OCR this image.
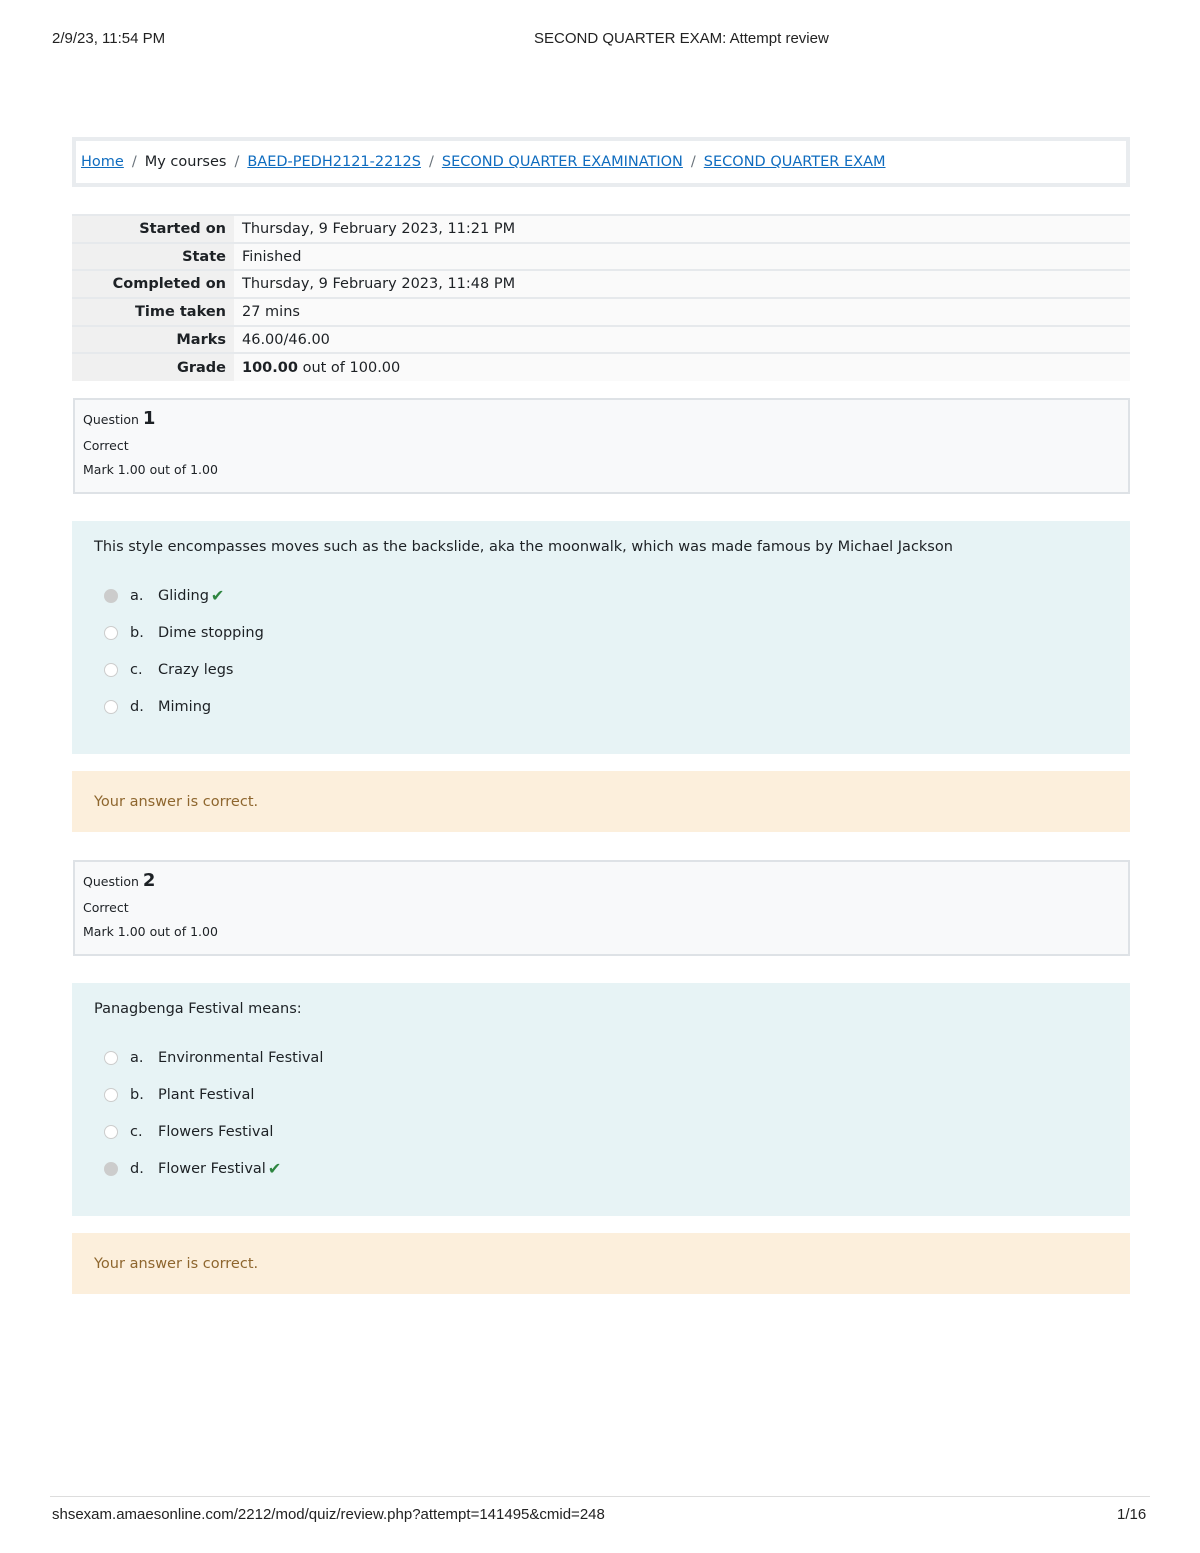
2/9/23, 11:54 PM	SECOND QUARTER EXAM: Attempt review
Home / My courses / BAED-PEDH2121-2212S / SECOND QUARTER EXAMINATION / SECOND QUARTER EXAM
Started on	Thursday, 9 February 2023, 11:21 PM
State	Finished
Completed on	Thursday, 9 February 2023, 11:48 PM
Time taken	27 mins
Marks	46.00/46.00
Grade	100.00 out of 100.00
Question 1
Correct
Mark 1.00 out of 1.00
This style encompasses moves such as the backslide, aka the moonwalk, which was made famous by Michael Jackson
a.	Gliding ✔
b. Dime stopping
c.	Crazy legs
d. Miming
Your answer is correct.
Question 2
Correct
Mark 1.00 out of 1.00
Panagbenga Festival means:
a.	Environmental Festival
b. Plant Festival
c.	Flowers Festival
d. Flower Festival ✔
Your answer is correct.
shsexam.amaesonline.com/2212/mod/quiz/review.php?attempt=141495&cmid=248	1/16
